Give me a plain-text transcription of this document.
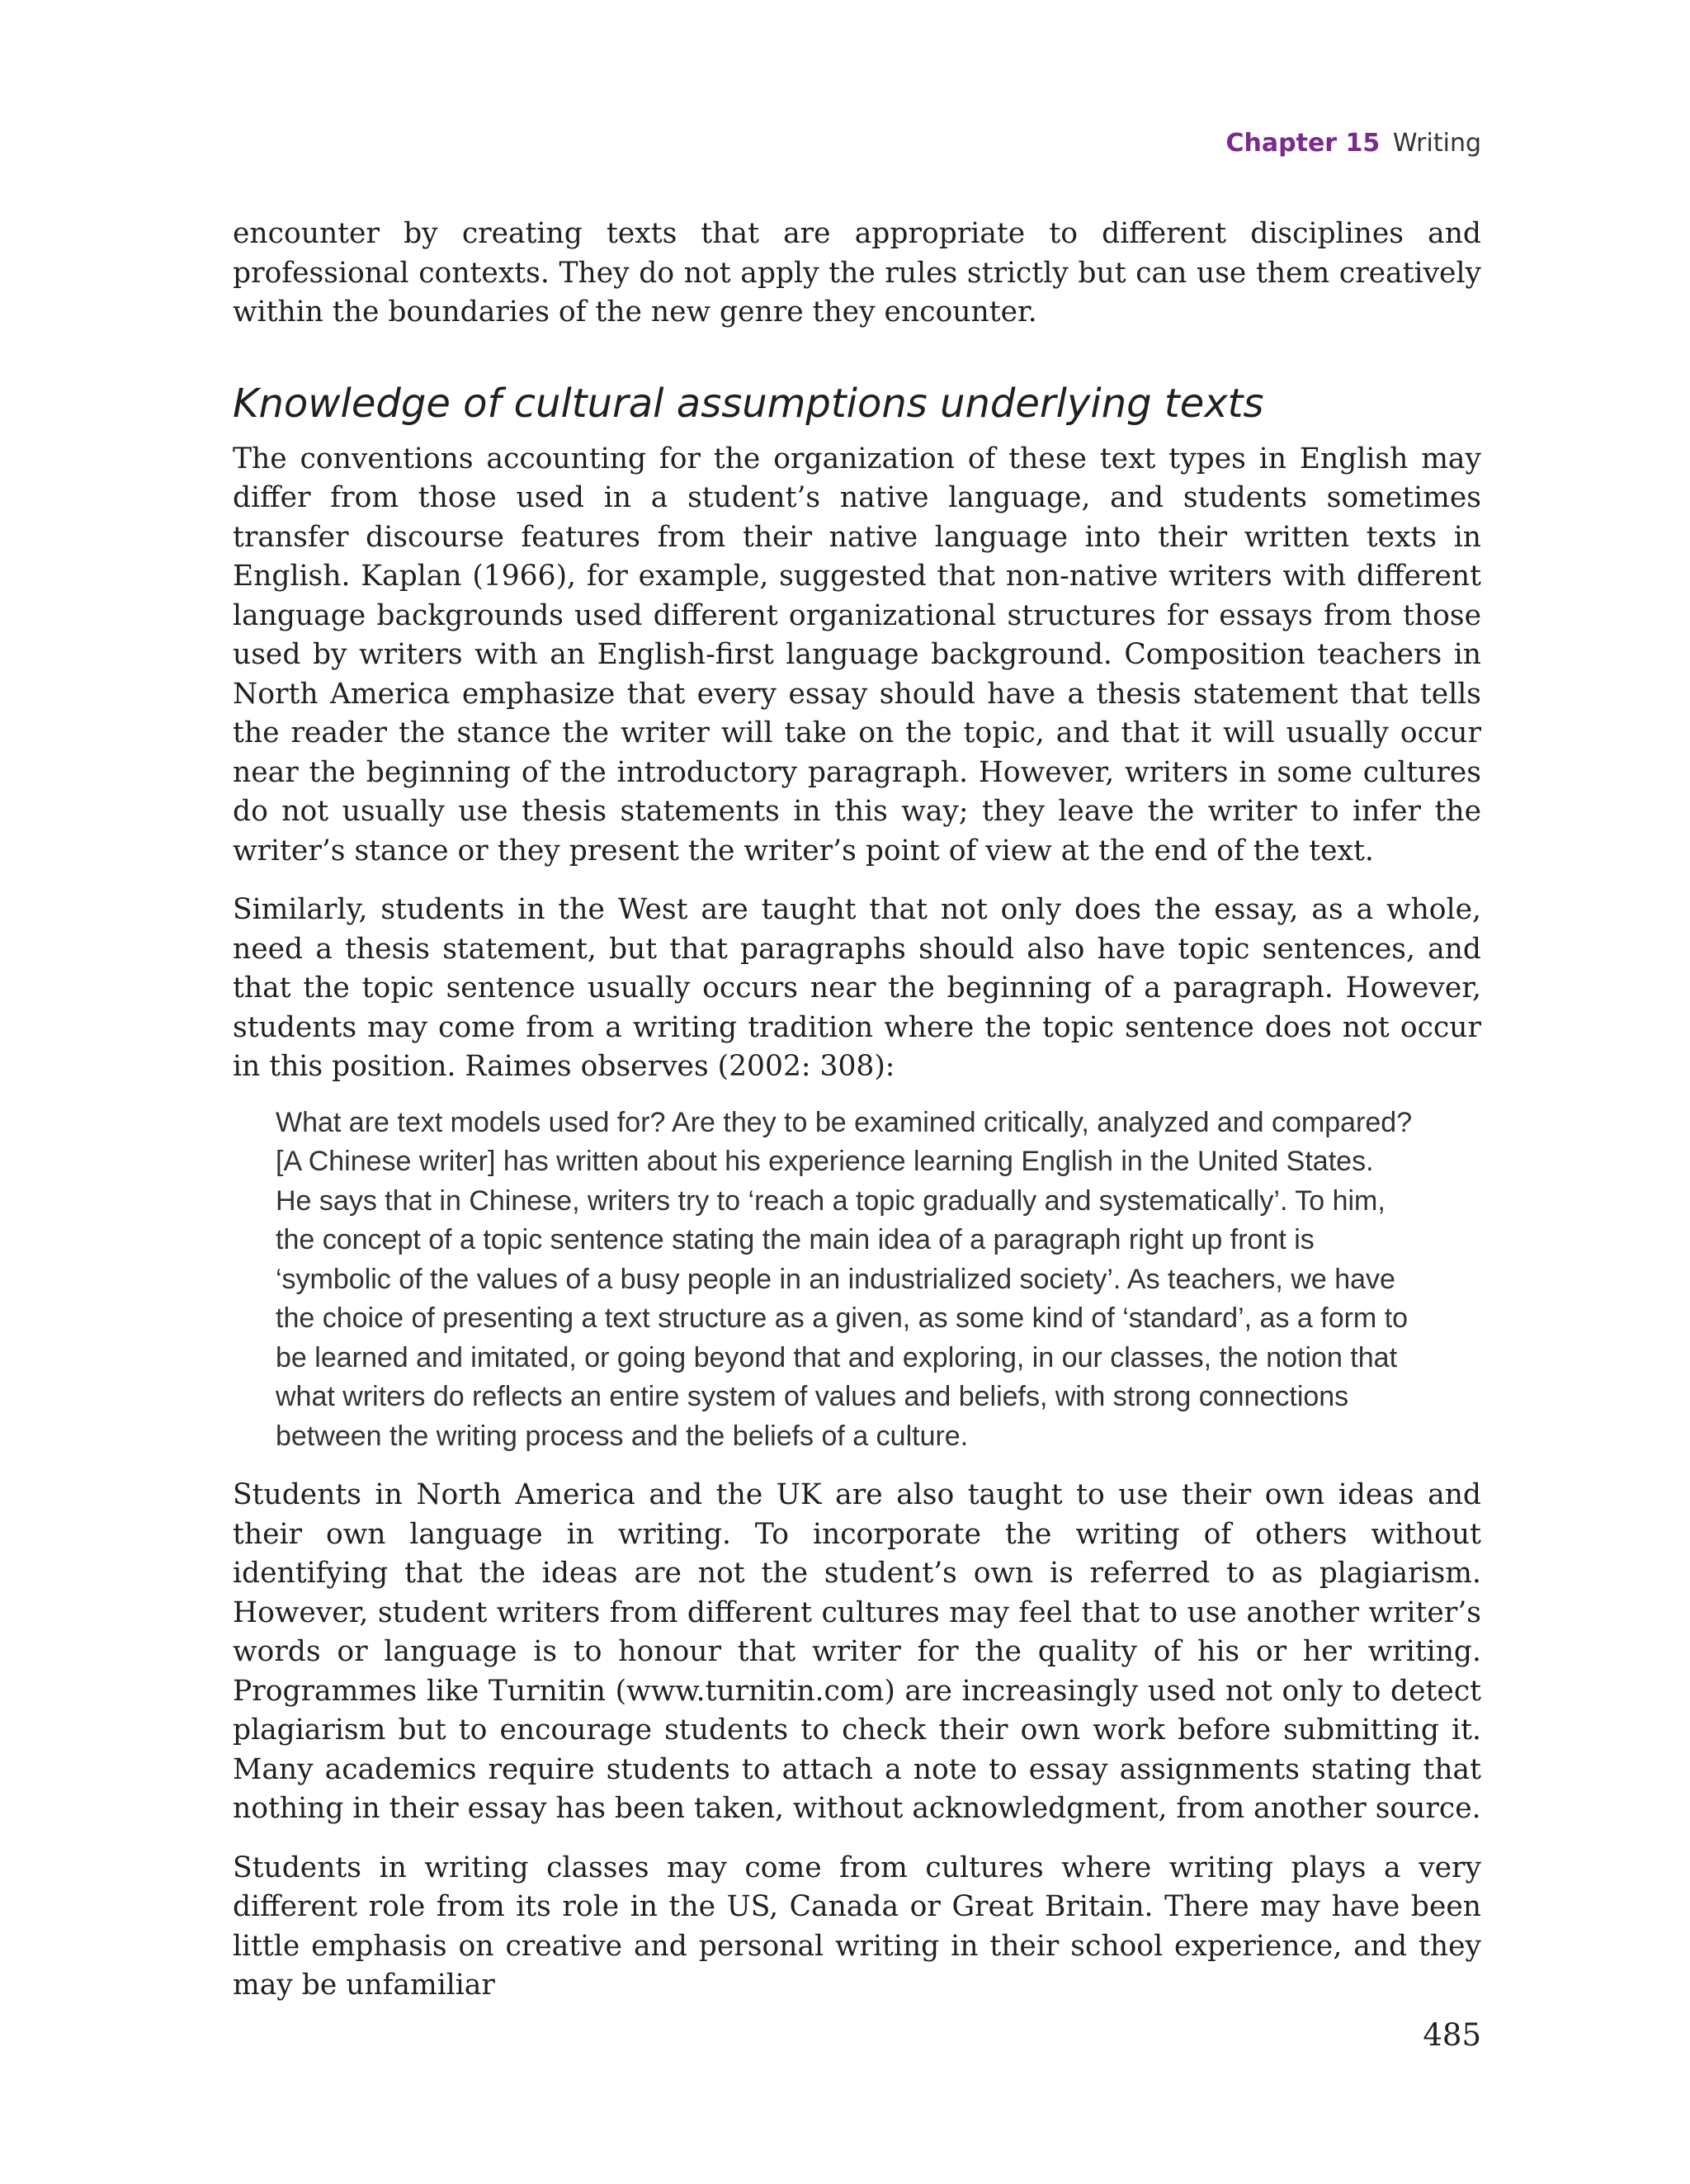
Chapter 15 Writing

encounter by creating texts that are appropriate to different disciplines and professional contexts. They do not apply the rules strictly but can use them creatively within the boundaries of the new genre they encounter.

Knowledge of cultural assumptions underlying texts

The conventions accounting for the organization of these text types in English may differ from those used in a student’s native language, and students sometimes transfer discourse features from their native language into their written texts in English. Kaplan (1966), for example, suggested that non-native writers with different language backgrounds used different organizational structures for essays from those used by writers with an English-first language background. Composition teachers in North America emphasize that every essay should have a thesis statement that tells the reader the stance the writer will take on the topic, and that it will usually occur near the beginning of the introductory paragraph. However, writers in some cultures do not usually use thesis statements in this way; they leave the writer to infer the writer’s stance or they present the writer’s point of view at the end of the text.

Similarly, students in the West are taught that not only does the essay, as a whole, need a thesis statement, but that paragraphs should also have topic sentences, and that the topic sentence usually occurs near the beginning of a paragraph. However, students may come from a writing tradition where the topic sentence does not occur in this position. Raimes observes (2002: 308):

What are text models used for? Are they to be examined critically, analyzed and compared? [A Chinese writer] has written about his experience learning English in the United States. He says that in Chinese, writers try to ‘reach a topic gradually and systematically’. To him, the concept of a topic sentence stating the main idea of a paragraph right up front is ‘symbolic of the values of a busy people in an industrialized society’. As teachers, we have the choice of presenting a text structure as a given, as some kind of ‘standard’, as a form to be learned and imitated, or going beyond that and exploring, in our classes, the notion that what writers do reflects an entire system of values and beliefs, with strong connections between the writing process and the beliefs of a culture.

Students in North America and the UK are also taught to use their own ideas and their own language in writing. To incorporate the writing of others without identifying that the ideas are not the student’s own is referred to as plagiarism. However, student writers from different cultures may feel that to use another writer’s words or language is to honour that writer for the quality of his or her writing. Programmes like Turnitin (www.turnitin.com) are increasingly used not only to detect plagiarism but to encourage students to check their own work before submitting it. Many academics require students to attach a note to essay assignments stating that nothing in their essay has been taken, without acknowledgment, from another source.

Students in writing classes may come from cultures where writing plays a very different role from its role in the US, Canada or Great Britain. There may have been little emphasis on creative and personal writing in their school experience, and they may be unfamiliar

485
